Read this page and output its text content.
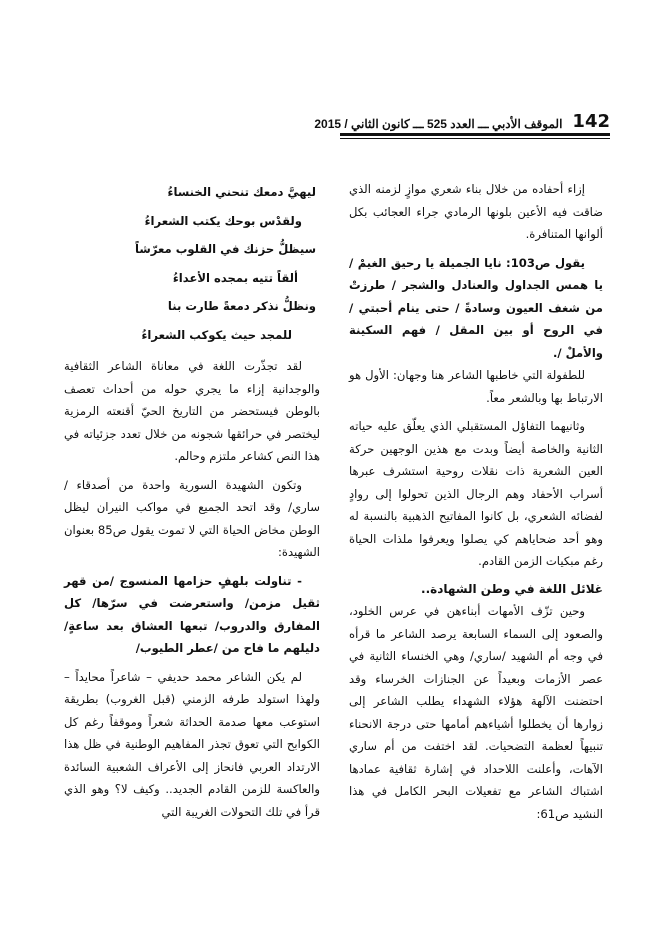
142
الموقف الأدبي ـــ العدد 525 ـــ كانون الثاني / 2015

إزاء أحفاده من خلال بناء شعري موازٍ لزمنه الذي ضاقت فيه الأعين بلونها الرمادي جراء العجائب بكل ألوانها المتنافرة.

يقول ص103: نايا الجميلة يا رحيق الغيمْ / يا همس الجداول والعنادل والشجر / طرزتْ من شغف العيون وسادةً / حتى ينام أحبتي / في الروح أو بين المقل / فهم السكينة والأملْ /.

للطفولة التي خاطبها الشاعر هنا وجهان: الأول هو الارتباط بها وبالشعر معاً.

وثانيهما التفاؤل المستقبلي الذي يعلّق عليه حياته الثانية والخاصة أيضاً وبدت مع هذين الوجهين حركة العين الشعرية ذات نقلات روحية استشرف عبرها أسراب الأحفاد وهم الرجال الذين تحولوا إلى روادٍ لفضائه الشعري، بل كانوا المفاتيح الذهبية بالنسبة له وهو أحد ضحاياهم كي يصلوا ويعرفوا ملذات الحياة رغم مبكيات الزمن القادم.

غلائل اللغة في وطن الشهادة..

وحين تزّف الأمهات أبناءهن في عرس الخلود، والصعود إلى السماء السابعة يرصد الشاعر ما قرأه في وجه أم الشهيد /ساري/ وهي الخنساء الثانية في عصر الأزمات وبعيداً عن الجنازات الخرساء وقد احتضنت الآلهة هؤلاء الشهداء يطلب الشاعر إلى زوارها أن يخطلوا أشياءهم أمامها حتى درجة الانحناء تنبيهاً لعظمة التضحيات. لقد اختفت من أم ساري الآهات، وأعلنت اللاحداد في إشارة ثقافية عمادها اشتباك الشاعر مع تفعيلات البحر الكامل في هذا النشيد ص61:

ليهيَّ دمعك تنحني الخنساءُ

ولقدْس بوحك يكتب الشعراءُ

سيظلُّ حزنك في القلوب معرّشاً

ألقاً تتيه بمجده الأعداءُ

ونظلُّ نذكر دمعةً طارت بنا

للمجد حيث يكوكب الشعراءُ

لقد تجذّرت اللغة في معاناة الشاعر الثقافية والوجدانية إزاء ما يجري حوله من أحداث تعصف بالوطن فيستحضر من التاريخ الحيّ أقنعته الرمزية ليختصر في حرائقها شجونه من خلال تعدد جزئياته في هذا النص كشاعر ملتزم وحالم.

وتكون الشهيدة السورية واحدة من أصدقاء /ساري/ وقد اتحد الجميع في مواكب النيران ليظل الوطن مخاض الحياة التي لا تموت يقول ص85 بعنوان الشهيدة:

- تناولت بلهفٍ حزامها المنسوج /من قهر ثقيل مزمن/ واستعرضت في سرّها/ كل المفارق والدروب/ تبعها العشاق بعد ساعةٍ/ دليلهم ما فاح من /عطر الطيوب/

لم يكن الشاعر محمد حديفي – شاعراً محايداً – ولهذا استولد طرفه الزمني (قبل الغروب) بطريقة استوعب معها صدمة الحداثة شعراً وموقفاً رغم كل الكوابح التي تعوق تجذر المفاهيم الوطنية في ظل هذا الارتداد العربي فانحاز إلى الأعراف الشعبية السائدة والعاكسة للزمن القادم الجديد.. وكيف لا؟ وهو الذي قرأ في تلك التحولات الغريبة التي
